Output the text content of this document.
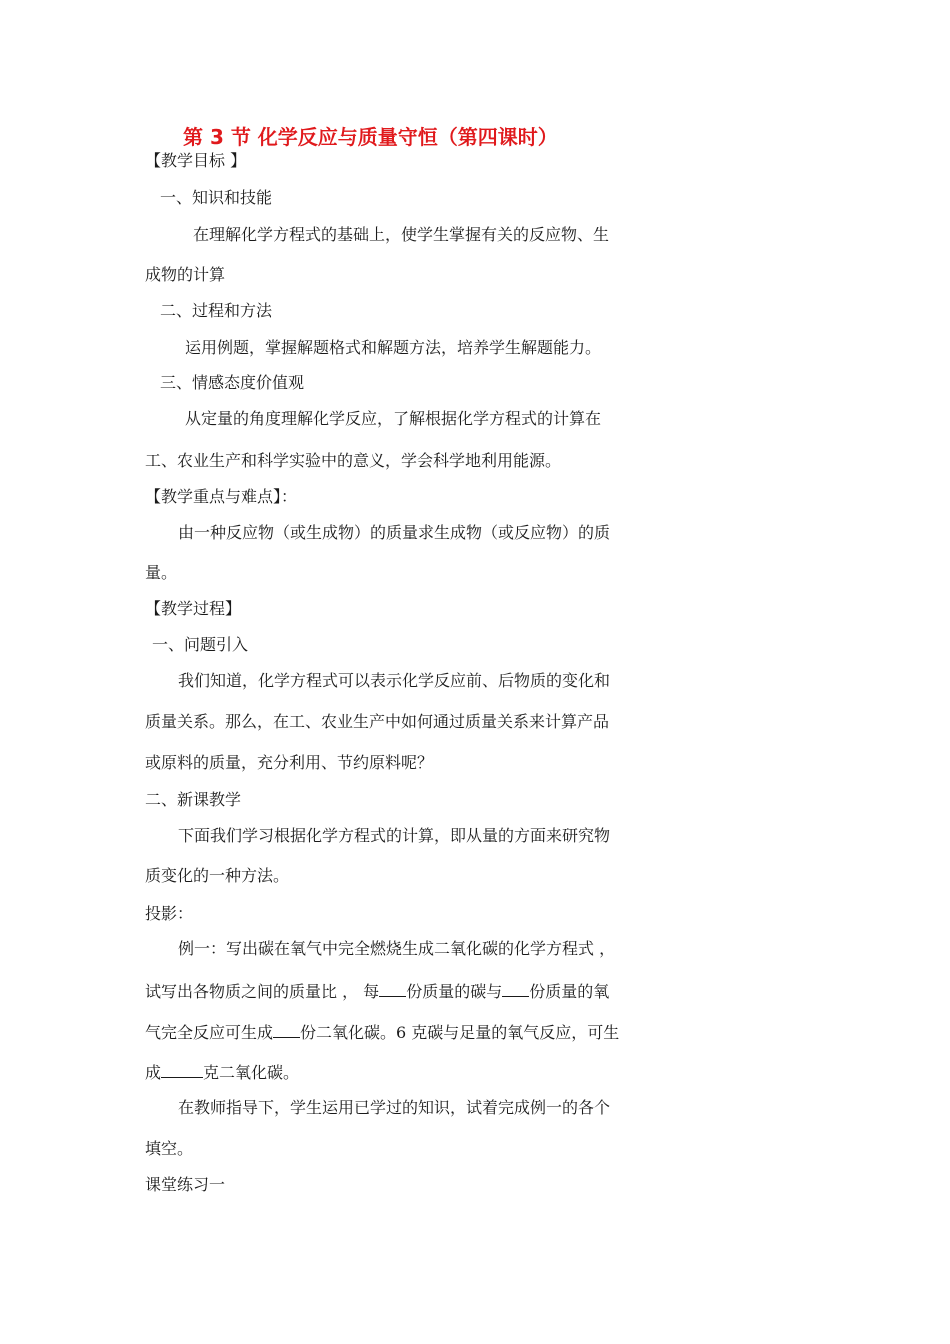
第 3 节 化学反应与质量守恒（第四课时）
【教学目标 】
一、知识和技能
在理解化学方程式的基础上，使学生掌握有关的反应物、生
成物的计算
二、过程和方法
运用例题，掌握解题格式和解题方法，培养学生解题能力。
三、情感态度价值观
从定量的角度理解化学反应，了解根据化学方程式的计算在
工、农业生产和科学实验中的意义，学会科学地利用能源。
【教学重点与难点】：
由一种反应物（或生成物）的质量求生成物（或反应物）的质
量。
【教学过程】
一、问题引入
我们知道，化学方程式可以表示化学反应前、后物质的变化和
质量关系。那么，在工、农业生产中如何通过质量关系来计算产品
或原料的质量，充分利用、节约原料呢？
二、新课教学
下面我们学习根据化学方程式的计算，即从量的方面来研究物
质变化的一种方法。
投影：
例一：写出碳在氧气中完全燃烧生成二氧化碳的化学方程式 ，
试写出各物质之间的质量比 ， 每 份质量的碳与 份质量的氧
气完全反应可生成 份二氧化碳。6 克碳与足量的氧气反应，可生
成	克二氧化碳。
在教师指导下，学生运用已学过的知识，试着完成例一的各个
填空。
课堂练习一
